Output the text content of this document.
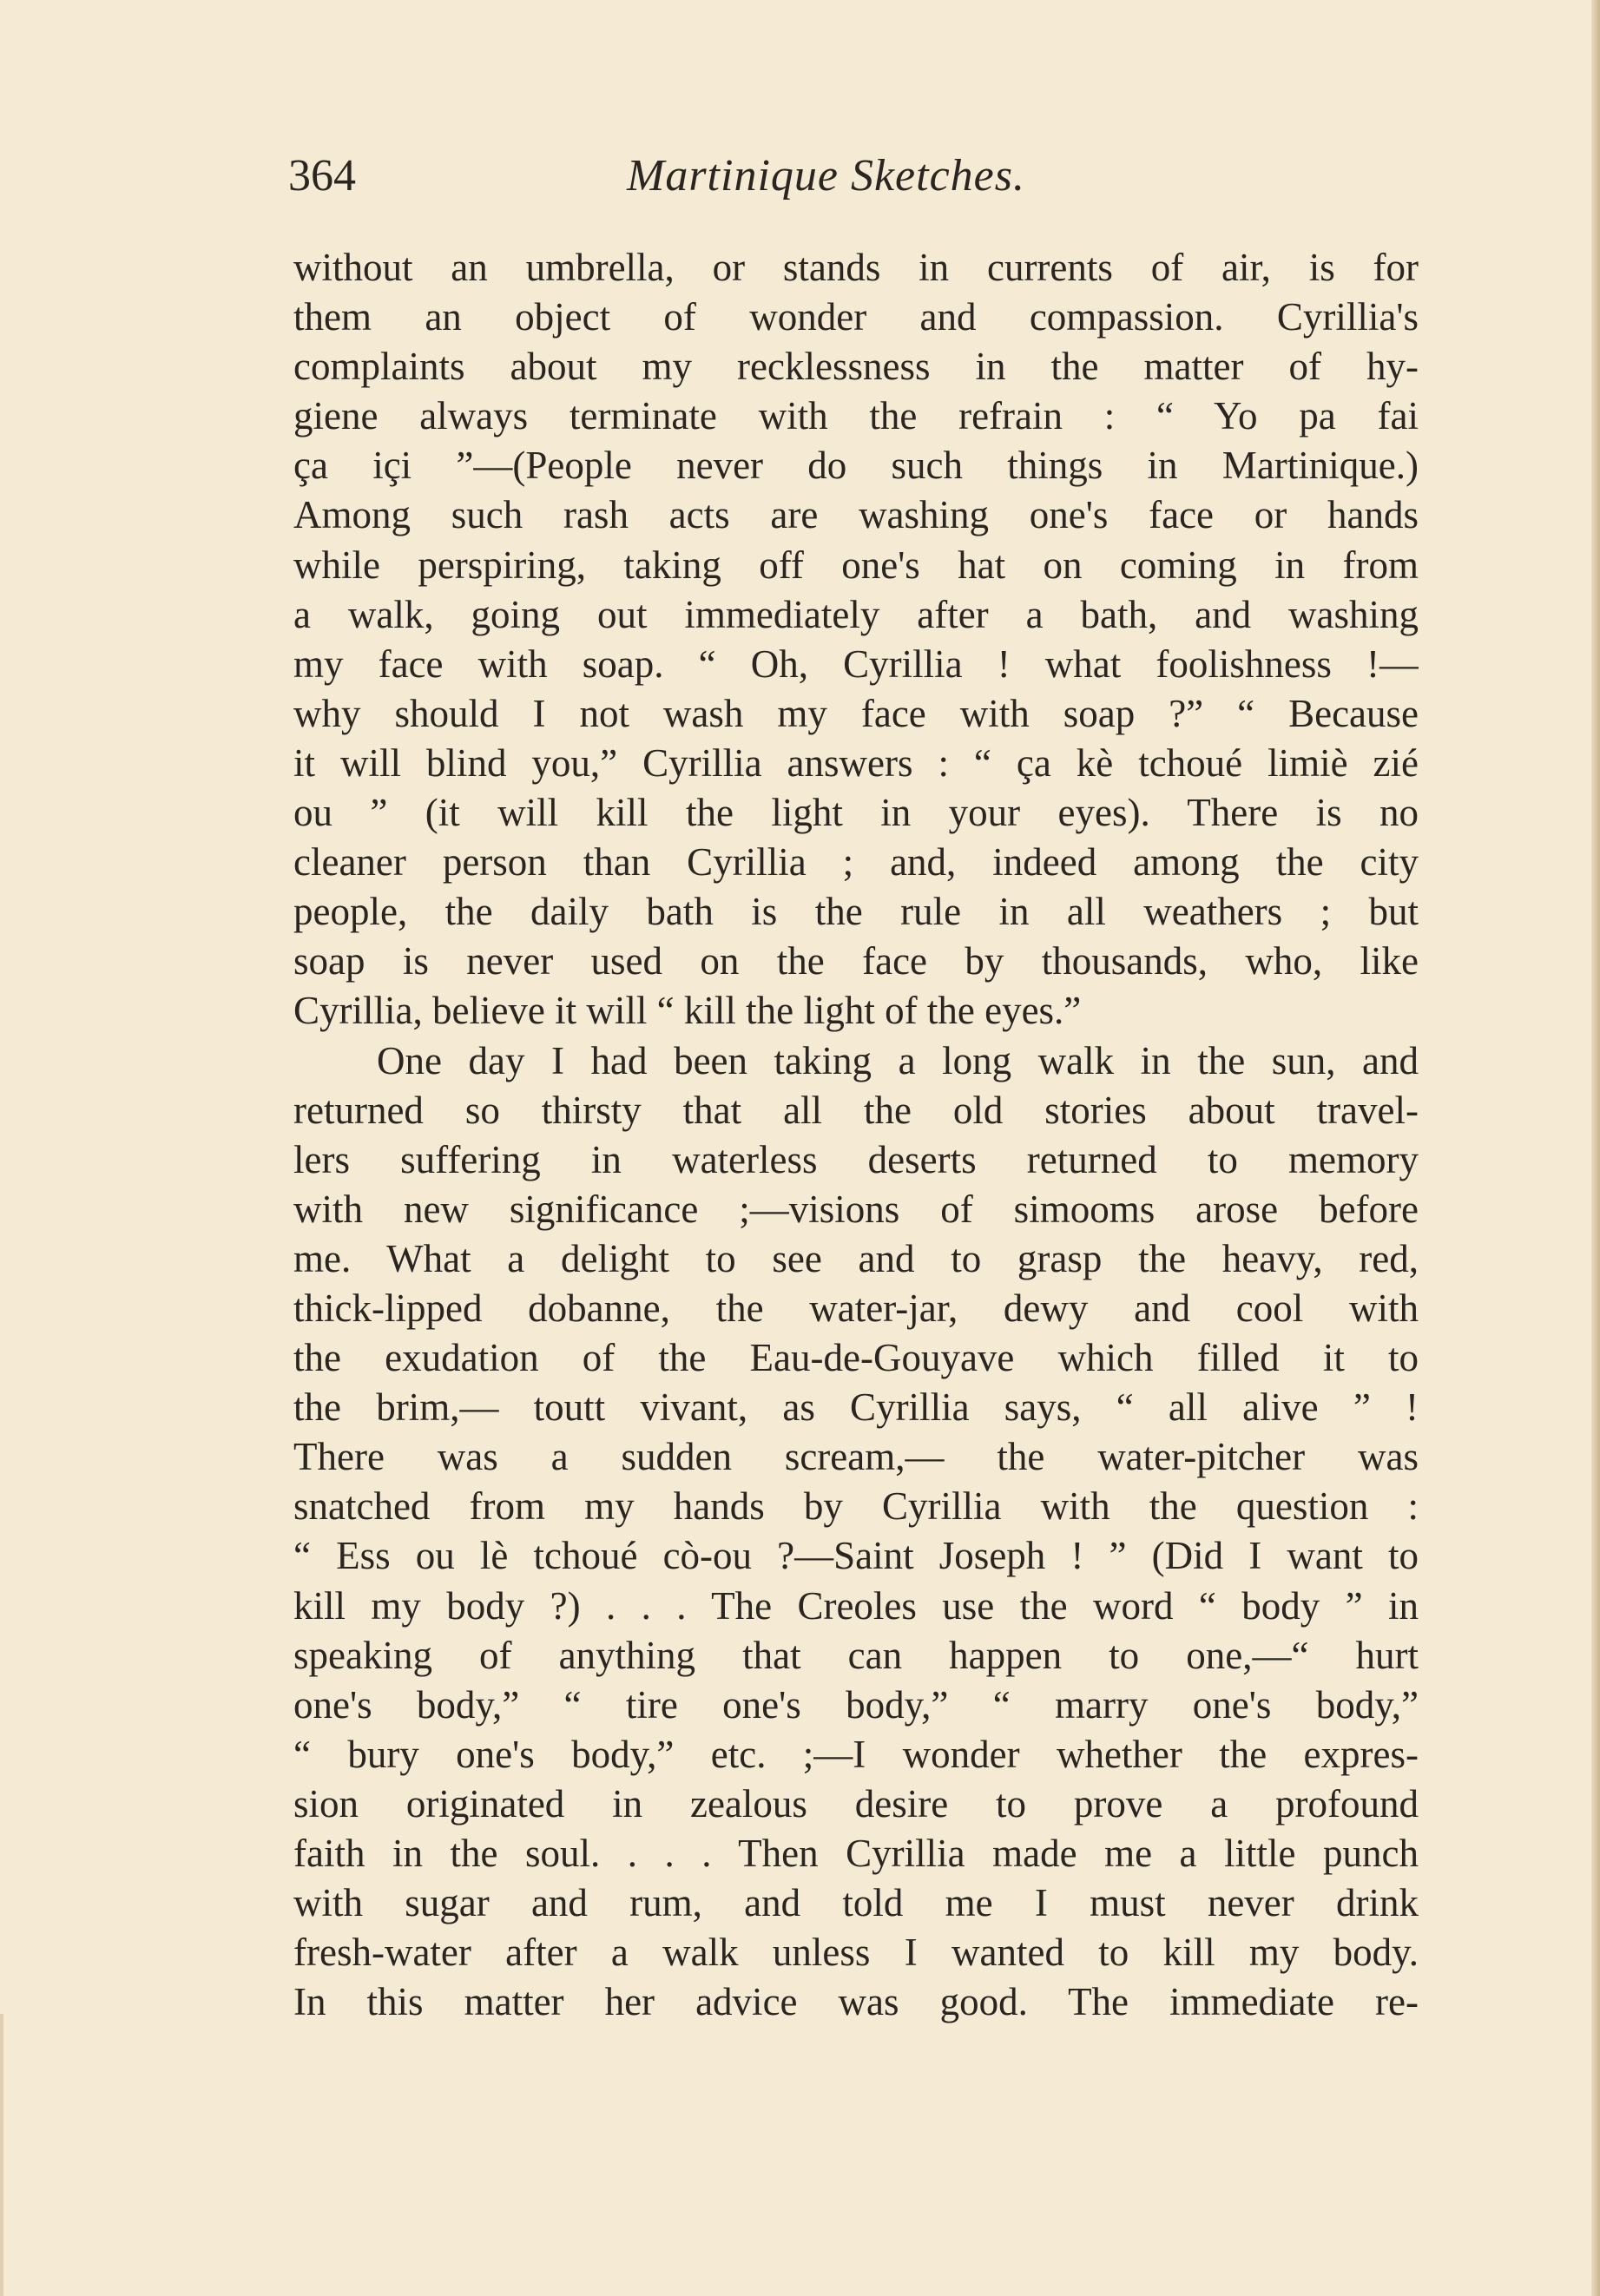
364	Martinique Sketches.
without an umbrella, or stands in currents of air, is for
them an object of wonder and compassion. Cyrillia's
complaints about my recklessness in the matter of hy-
giene always terminate with the refrain : “ Yo pa fai
ça içi ”—(People never do such things in Martinique.)
Among such rash acts are washing one's face or hands
while perspiring, taking off one's hat on coming in from
a walk, going out immediately after a bath, and washing
my face with soap. “ Oh, Cyrillia ! what foolishness !—
why should I not wash my face with soap ?” “ Because
it will blind you,” Cyrillia answers : “ ça kè tchoué limiè zié
ou ” (it will kill the light in your eyes). There is no
cleaner person than Cyrillia ; and, indeed among the city
people, the daily bath is the rule in all weathers ; but
soap is never used on the face by thousands, who, like
Cyrillia, believe it will “ kill the light of the eyes.”
One day I had been taking a long walk in the sun, and
returned so thirsty that all the old stories about travel-
lers suffering in waterless deserts returned to memory
with new significance ;—visions of simooms arose before
me. What a delight to see and to grasp the heavy, red,
thick-lipped dobanne, the water-jar, dewy and cool with
the exudation of the Eau-de-Gouyave which filled it to
the brim,— toutt vivant, as Cyrillia says, “ all alive ” !
There was a sudden scream,— the water-pitcher was
snatched from my hands by Cyrillia with the question :
“ Ess ou lè tchoué cò-ou ?—Saint Joseph ! ” (Did I want to
kill my body ?) . . . The Creoles use the word “ body ” in
speaking of anything that can happen to one,—“ hurt
one's body,” “ tire one's body,” “ marry one's body,”
“ bury one's body,” etc. ;—I wonder whether the expres-
sion originated in zealous desire to prove a profound
faith in the soul. . . . Then Cyrillia made me a little punch
with sugar and rum, and told me I must never drink
fresh-water after a walk unless I wanted to kill my body.
In this matter her advice was good. The immediate re-
